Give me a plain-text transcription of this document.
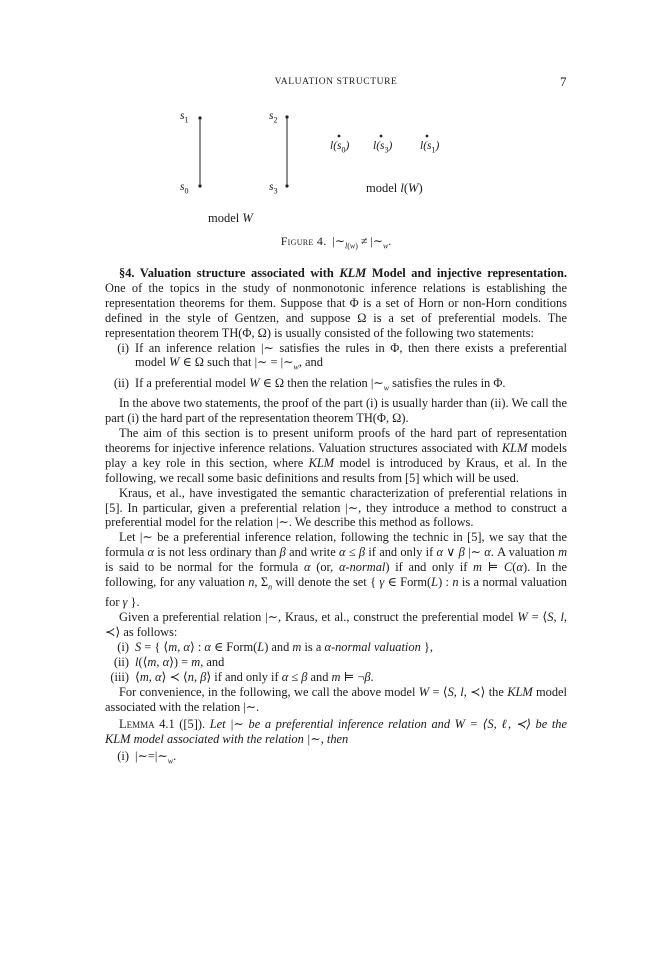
VALUATION STRUCTURE	7
$s_1$
$s_0$
$s_2$
$s_3$
$l(s_0)$ $l(s_3)$ $l(s_1)$
model l(W)
model W
Figure 4.  $|\sim_{l(w)}$ ≠ $|\sim_w$.

§4. Valuation structure associated with KLM Model and injective representation. One of the topics in the study of nonmonotonic inference relations is establishing the representation theorems for them. Suppose that Φ is a set of Horn or non-Horn conditions defined in the style of Gentzen, and suppose Ω is a set of preferential models. The representation theorem TH(Φ, Ω) is usually consisted of the following two statements:

(i) If an inference relation |∼ satisfies the rules in Φ, then there exists a preferential model W ∈ Ω such that |∼ = $|\sim_w$, and
(ii) If a preferential model W ∈ Ω then the relation $|\sim_w$ satisfies the rules in Φ.

In the above two statements, the proof of the part (i) is usually harder than (ii). We call the part (i) the hard part of the representation theorem TH(Φ, Ω).

The aim of this section is to present uniform proofs of the hard part of representation theorems for injective inference relations. Valuation structures associated with KLM models play a key role in this section, where KLM model is introduced by Kraus, et al. In the following, we recall some basic definitions and results from [5] which will be used.

Kraus, et al., have investigated the semantic characterization of preferential relations in [5]. In particular, given a preferential relation |∼, they introduce a method to construct a preferential model for the relation |∼. We describe this method as follows.

Let |∼ be a preferential inference relation, following the technic in [5], we say that the formula α is not less ordinary than β and write α ≤ β if and only if α ∨ β |∼ α. A valuation m is said to be normal for the formula α (or, α-normal) if and only if m ⊨ C(α). In the following, for any valuation n, $\Sigma_n$ will denote the set { γ ∈ Form(L) : n is a normal valuation for γ }.

Given a preferential relation |∼, Kraus, et al., construct the preferential model W = ⟨S, l, ≺⟩ as follows:

(i) S = { ⟨m, α⟩ : α ∈ Form(L) and m is a α-normal valuation },
(ii) l(⟨m, α⟩) = m, and
(iii) ⟨m, α⟩ ≺ ⟨n, β⟩ if and only if α ≤ β and m ⊨ ¬β.

For convenience, in the following, we call the above model W = ⟨S, l, ≺⟩ the KLM model associated with the relation |∼.

Lemma 4.1 ([5]). Let |∼ be a preferential inference relation and W = ⟨S, ℓ, ≺⟩ be the KLM model associated with the relation |∼, then

(i) $|\sim=|\sim_w$.
